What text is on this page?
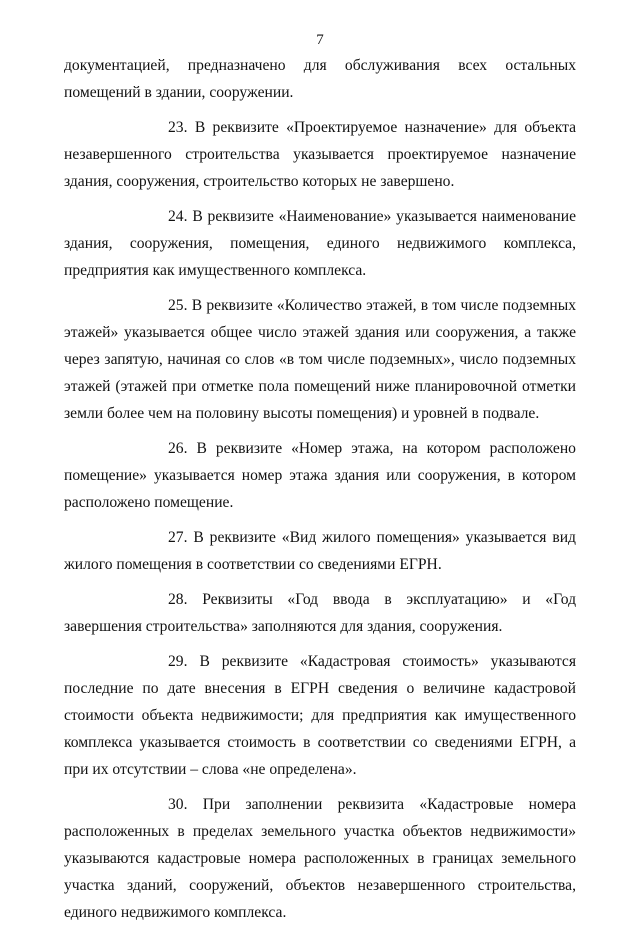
7

документацией, предназначено для обслуживания всех остальных помещений в здании, сооружении.

23. В реквизите «Проектируемое назначение» для объекта незавершенного строительства указывается проектируемое назначение здания, сооружения, строительство которых не завершено.

24. В реквизите «Наименование» указывается наименование здания, сооружения, помещения, единого недвижимого комплекса, предприятия как имущественного комплекса.

25. В реквизите «Количество этажей, в том числе подземных этажей» указывается общее число этажей здания или сооружения, а также через запятую, начиная со слов «в том числе подземных», число подземных этажей (этажей при отметке пола помещений ниже планировочной отметки земли более чем на половину высоты помещения) и уровней в подвале.

26. В реквизите «Номер этажа, на котором расположено помещение» указывается номер этажа здания или сооружения, в котором расположено помещение.

27. В реквизите «Вид жилого помещения» указывается вид жилого помещения в соответствии со сведениями ЕГРН.

28. Реквизиты «Год ввода в эксплуатацию» и «Год завершения строительства» заполняются для здания, сооружения.

29. В реквизите «Кадастровая стоимость» указываются последние по дате внесения в ЕГРН сведения о величине кадастровой стоимости объекта недвижимости; для предприятия как имущественного комплекса указывается стоимость в соответствии со сведениями ЕГРН, а при их отсутствии – слова «не определена».

30. При заполнении реквизита «Кадастровые номера расположенных в пределах земельного участка объектов недвижимости» указываются кадастровые номера расположенных в границах земельного участка зданий, сооружений, объектов незавершенного строительства, единого недвижимого комплекса.
